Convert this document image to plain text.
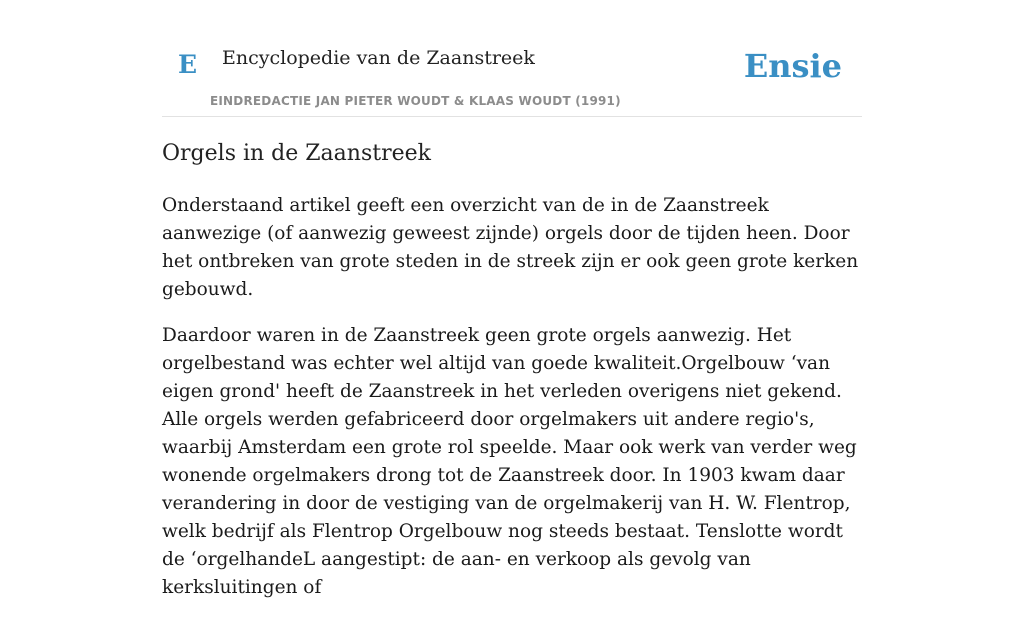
E Encyclopedie van de Zaanstreek
EINDREDACTIE JAN PIETER WOUDT & KLAAS WOUDT (1991)
Ensie
Orgels in de Zaanstreek

Onderstaand artikel geeft een overzicht van de in de Zaanstreek aanwezige (of aanwezig geweest zijnde) orgels door de tijden heen. Door het ontbreken van grote steden in de streek zijn er ook geen grote kerken gebouwd.

Daardoor waren in de Zaanstreek geen grote orgels aanwezig. Het orgelbestand was echter wel altijd van goede kwaliteit.Orgelbouw ‘van eigen grond' heeft de Zaanstreek in het verleden overigens niet gekend. Alle orgels werden gefabriceerd door orgelmakers uit andere regio's, waarbij Amsterdam een grote rol speelde. Maar ook werk van verder weg wonende orgelmakers drong tot de Zaanstreek door. In 1903 kwam daar verandering in door de vestiging van de orgelmakerij van H. W. Flentrop, welk bedrijf als Flentrop Orgelbouw nog steeds bestaat. Tenslotte wordt de ‘orgelhandeL aangestipt: de aan- en verkoop als gevolg van kerksluitingen of
